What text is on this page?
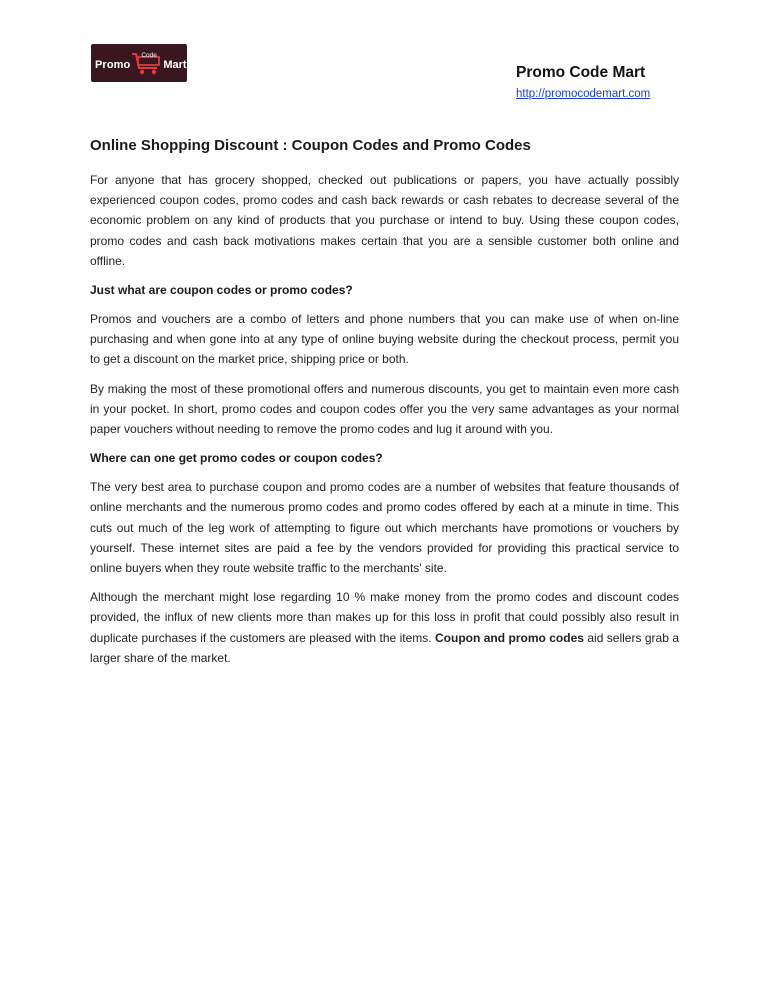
Promo
Code
Mart	Promo Code Mart
http://promocodemart.com
Online Shopping Discount : Coupon Codes and Promo Codes

For anyone that has grocery shopped, checked out publications or papers, you have actually possibly experienced coupon codes, promo codes and cash back rewards or cash rebates to decrease several of the economic problem on any kind of products that you purchase or intend to buy. Using these coupon codes, promo codes and cash back motivations makes certain that you are a sensible customer both online and offline.

Just what are coupon codes or promo codes?

Promos and vouchers are a combo of letters and phone numbers that you can make use of when on-line purchasing and when gone into at any type of online buying website during the checkout process, permit you to get a discount on the market price, shipping price or both.

By making the most of these promotional offers and numerous discounts, you get to maintain even more cash in your pocket. In short, promo codes and coupon codes offer you the very same advantages as your normal paper vouchers without needing to remove the promo codes and lug it around with you.

Where can one get promo codes or coupon codes?

The very best area to purchase coupon and promo codes are a number of websites that feature thousands of online merchants and the numerous promo codes and promo codes offered by each at a minute in time. This cuts out much of the leg work of attempting to figure out which merchants have promotions or vouchers by yourself. These internet sites are paid a fee by the vendors provided for providing this practical service to online buyers when they route website traffic to the merchants' site.

Although the merchant might lose regarding 10 % make money from the promo codes and discount codes provided, the influx of new clients more than makes up for this loss in profit that could possibly also result in duplicate purchases if the customers are pleased with the items. Coupon and promo codes aid sellers grab a larger share of the market.
